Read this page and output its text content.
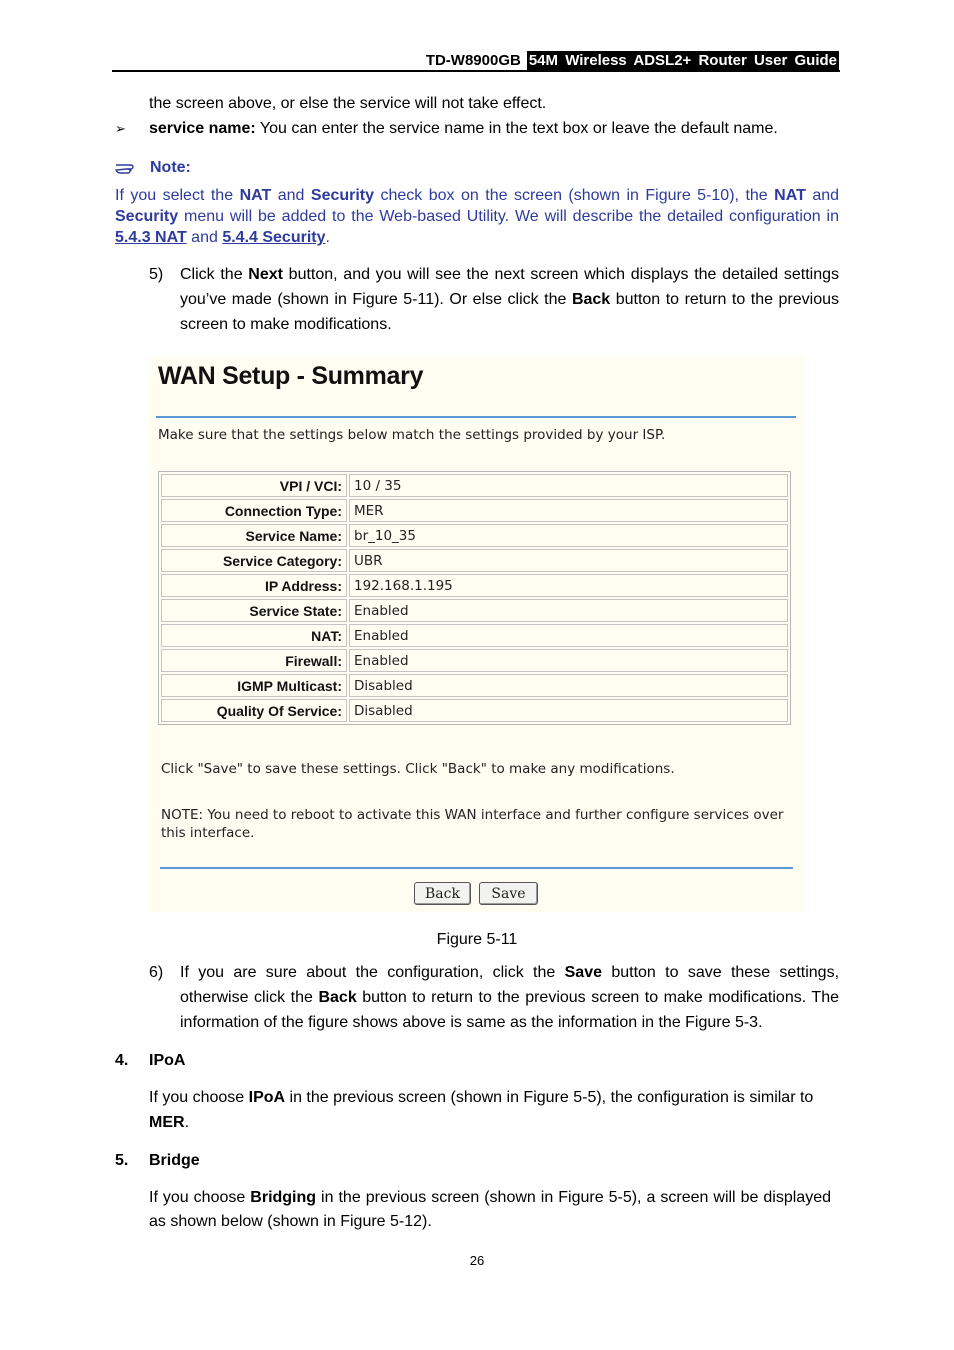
TD-W8900GB 54M Wireless ADSL2+ Router User Guide

the screen above, or else the service will not take effect.

➢ service name: You can enter the service name in the text box or leave the default name.

Note:

If you select the NAT and Security check box on the screen (shown in Figure 5-10), the NAT and Security menu will be added to the Web-based Utility. We will describe the detailed configuration in 5.4.3 NAT and 5.4.4 Security.

5) Click the Next button, and you will see the next screen which displays the detailed settings you’ve made (shown in Figure 5-11). Or else click the Back button to return to the previous screen to make modifications.

WAN Setup - Summary
Make sure that the settings below match the settings provided by your ISP.
VPI / VCI:	10 / 35
Connection Type:	MER
Service Name:	br_10_35
Service Category:	UBR
IP Address:	192.168.1.195
Service State:	Enabled
NAT:	Enabled
Firewall:	Enabled
IGMP Multicast:	Disabled
Quality Of Service:	Disabled
Click "Save" to save these settings. Click "Back" to make any modifications.
NOTE: You need to reboot to activate this WAN interface and further configure services over this interface.
Back	Save

Figure 5-11

6) If you are sure about the configuration, click the Save button to save these settings, otherwise click the Back button to return to the previous screen to make modifications. The information of the figure shows above is same as the information in the Figure 5-3.

4. IPoA

If you choose IPoA in the previous screen (shown in Figure 5-5), the configuration is similar to MER.

5. Bridge

If you choose Bridging in the previous screen (shown in Figure 5-5), a screen will be displayed as shown below (shown in Figure 5-12).

26
